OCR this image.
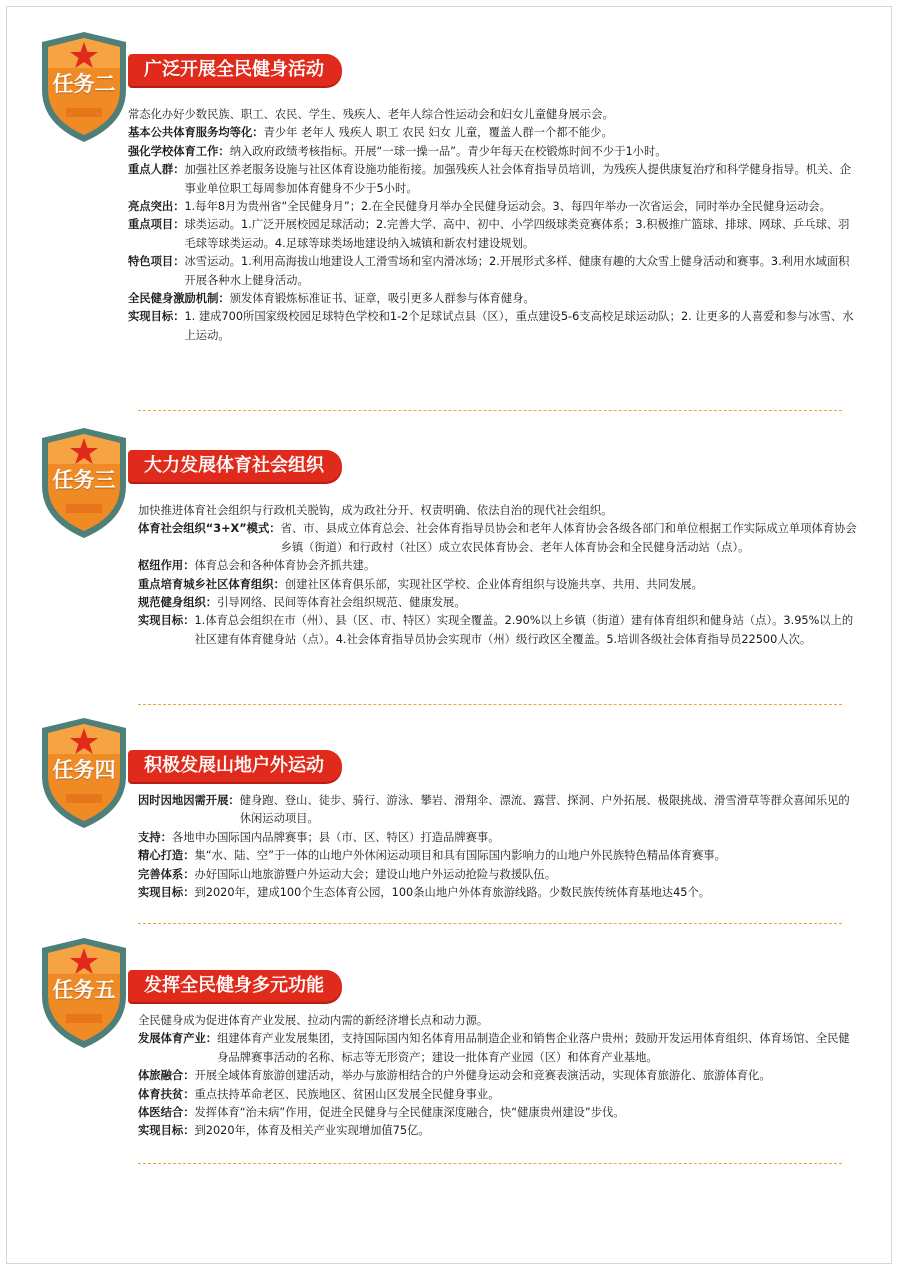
任务二
广泛开展全民健身活动

常态化办好少数民族、职工、农民、学生、残疾人、老年人综合性运动会和妇女儿童健身展示会。

基本公共体育服务均等化： 青少年 老年人 残疾人 职工 农民 妇女 儿童，覆盖人群一个都不能少。
强化学校体育工作： 纳入政府政绩考核指标。开展“一球一操一品”。青少年每天在校锻炼时间不少于1小时。
重点人群： 加强社区养老服务设施与社区体育设施功能衔接。加强残疾人社会体育指导员培训，为残疾人提供康复治疗和科学健身指导。机关、企事业单位职工每周参加体育健身不少于5小时。
亮点突出： 1.每年8月为贵州省“全民健身月”；2.在全民健身月举办全民健身运动会。3、每四年举办一次省运会，同时举办全民健身运动会。
重点项目： 球类运动。1.广泛开展校园足球活动；2.完善大学、高中、初中、小学四级球类竞赛体系；3.积极推广篮球、排球、网球、乒乓球、羽毛球等球类运动。4.足球等球类场地建设纳入城镇和新农村建设规划。
特色项目： 冰雪运动。1.利用高海拔山地建设人工滑雪场和室内滑冰场；2.开展形式多样、健康有趣的大众雪上健身活动和赛事。3.利用水域面积开展各种水上健身活动。
全民健身激励机制： 颁发体育锻炼标准证书、证章，吸引更多人群参与体育健身。
实现目标： 1. 建成700所国家级校园足球特色学校和1-2个足球试点县（区），重点建设5-6支高校足球运动队；2. 让更多的人喜爱和参与冰雪、水上运动。
任务三
大力发展体育社会组织

加快推进体育社会组织与行政机关脱钩，成为政社分开、权责明确、依法自治的现代社会组织。

体育社会组织“3+X”模式： 省、市、县成立体育总会、社会体育指导员协会和老年人体育协会各级各部门和单位根据工作实际成立单项体育协会乡镇（街道）和行政村（社区）成立农民体育协会、老年人体育协会和全民健身活动站（点）。
枢纽作用： 体育总会和各种体育协会齐抓共建。
重点培育城乡社区体育组织： 创建社区体育俱乐部，实现社区学校、企业体育组织与设施共享、共用、共同发展。
规范健身组织： 引导网络、民间等体育社会组织规范、健康发展。
实现目标： 1.体育总会组织在市（州）、县（区、市、特区）实现全覆盖。2.90%以上乡镇（街道）建有体育组织和健身站（点）。3.95%以上的社区建有体育健身站（点）。4.社会体育指导员协会实现市（州）级行政区全覆盖。5.培训各级社会体育指导员22500人次。
任务四	积极发展山地户外运动
因时因地因需开展： 健身跑、登山、徒步、骑行、游泳、攀岩、滑翔伞、漂流、露营、探洞、户外拓展、极限挑战、滑雪滑草等群众喜闻乐见的休闲运动项目。
支持： 各地申办国际国内品牌赛事；县（市、区、特区）打造品牌赛事。
精心打造： 集“水、陆、空”于一体的山地户外休闲运动项目和具有国际国内影响力的山地户外民族特色精品体育赛事。
完善体系： 办好国际山地旅游暨户外运动大会；建设山地户外运动抢险与救援队伍。
实现目标： 到2020年，建成100个生态体育公园，100条山地户外体育旅游线路。少数民族传统体育基地达45个。
任务五	发挥全民健身多元功能

全民健身成为促进体育产业发展、拉动内需的新经济增长点和动力源。

发展体育产业： 组建体育产业发展集团，支持国际国内知名体育用品制造企业和销售企业落户贵州；鼓励开发运用体育组织、体育场馆、全民健身品牌赛事活动的名称、标志等无形资产；建设一批体育产业园（区）和体育产业基地。
体旅融合： 开展全域体育旅游创建活动，举办与旅游相结合的户外健身运动会和竞赛表演活动，实现体育旅游化、旅游体育化。
体育扶贫： 重点扶持革命老区、民族地区、贫困山区发展全民健身事业。
体医结合： 发挥体育“治未病”作用，促进全民健身与全民健康深度融合，快“健康贵州建设”步伐。
实现目标： 到2020年，体育及相关产业实现增加值75亿。
